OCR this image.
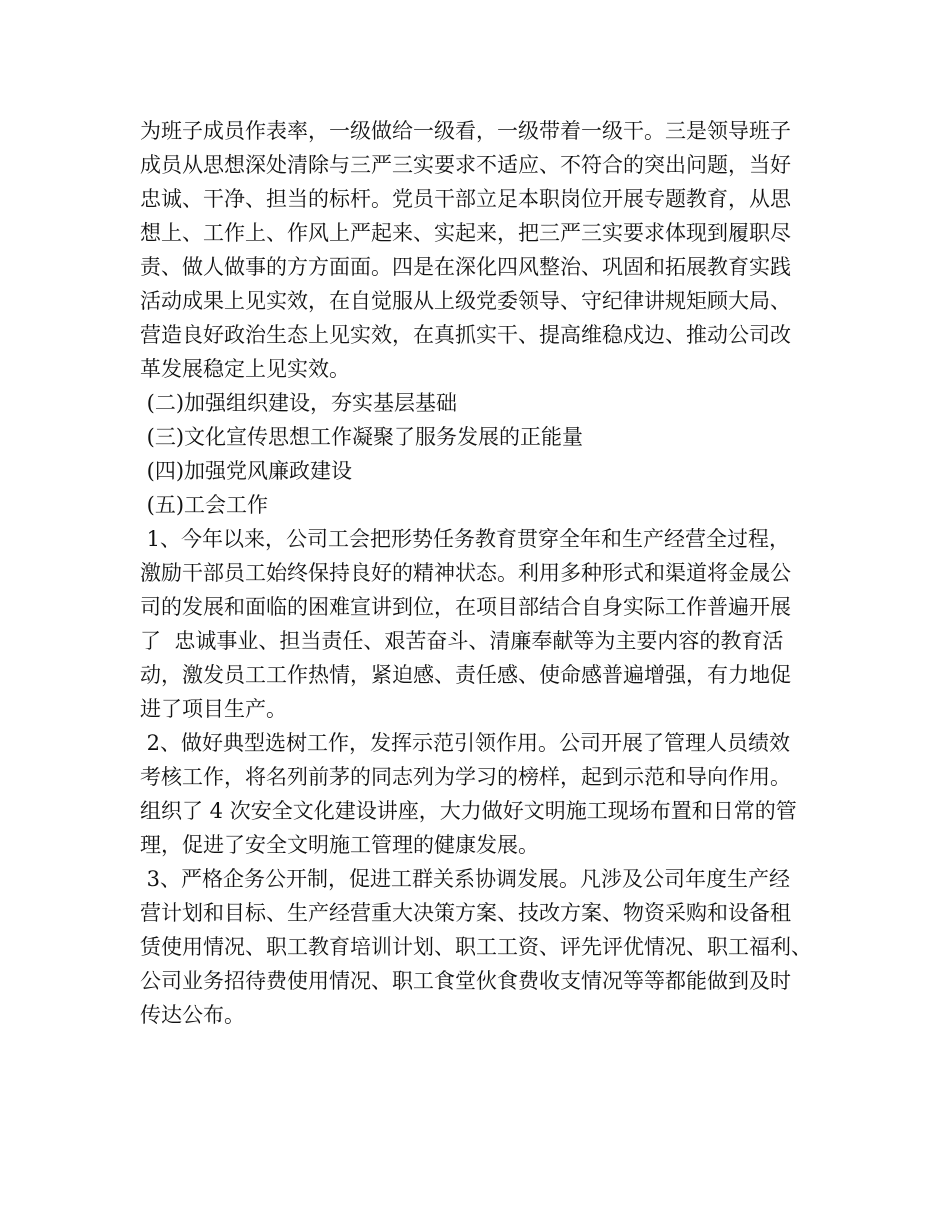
为班子成员作表率，一级做给一级看，一级带着一级干。三是领导班子
成员从思想深处清除与三严三实要求不适应、不符合的突出问题，当好
忠诚、干净、担当的标杆。党员干部立足本职岗位开展专题教育，从思
想上、工作上、作风上严起来、实起来，把三严三实要求体现到履职尽
责、做人做事的方方面面。四是在深化四风整治、巩固和拓展教育实践
活动成果上见实效，在自觉服从上级党委领导、守纪律讲规矩顾大局、
营造良好政治生态上见实效，在真抓实干、提高维稳戍边、推动公司改
革发展稳定上见实效。
(二)加强组织建设，夯实基层基础
(三)文化宣传思想工作凝聚了服务发展的正能量
(四)加强党风廉政建设
(五)工会工作
1、今年以来，公司工会把形势任务教育贯穿全年和生产经营全过程，
激励干部员工始终保持良好的精神状态。利用多种形式和渠道将金晟公
司的发展和面临的困难宣讲到位，在项目部结合自身实际工作普遍开展
了  忠诚事业、担当责任、艰苦奋斗、清廉奉献等为主要内容的教育活
动，激发员工工作热情，紧迫感、责任感、使命感普遍增强，有力地促
进了项目生产。
2、做好典型选树工作，发挥示范引领作用。公司开展了管理人员绩效
考核工作，将名列前茅的同志列为学习的榜样，起到示范和导向作用。
组织了 4 次安全文化建设讲座，大力做好文明施工现场布置和日常的管
理，促进了安全文明施工管理的健康发展。
3、严格企务公开制，促进工群关系协调发展。凡涉及公司年度生产经
营计划和目标、生产经营重大决策方案、技改方案、物资采购和设备租
赁使用情况、职工教育培训计划、职工工资、评先评优情况、职工福利、
公司业务招待费使用情况、职工食堂伙食费收支情况等等都能做到及时
传达公布。
